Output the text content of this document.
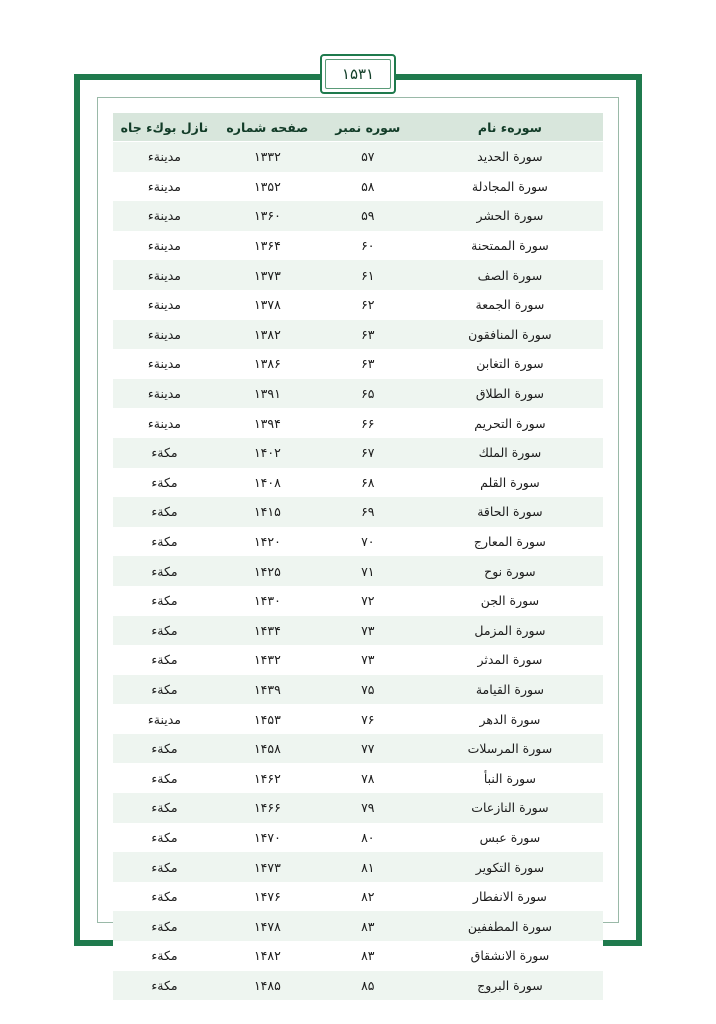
۱۵۳۱
سورهء نام	سوره نمبر	صفحه شماره	نازل بوكء جاه
سورة الحديد	۵۷	۱۳۳۲	مدينةء
سورة المجادلة	۵۸	۱۳۵۲	مدينةء
سورة الحشر	۵۹	۱۳۶۰	مدينةء
سورة الممتحنة	۶۰	۱۳۶۴	مدينةء
سورة الصف	۶۱	۱۳۷۳	مدينةء
سورة الجمعة	۶۲	۱۳۷۸	مدينةء
سورة المنافقون	۶۳	۱۳۸۲	مدينةء
سورة التغابن	۶۳	۱۳۸۶	مدينةء
سورة الطلاق	۶۵	۱۳۹۱	مدينةء
سورة التحريم	۶۶	۱۳۹۴	مدينةء
سورة الملك	۶۷	۱۴۰۲	مكةء
سورة القلم	۶۸	۱۴۰۸	مكةء
سورة الحاقة	۶۹	۱۴۱۵	مكةء
سورة المعارج	۷۰	۱۴۲۰	مكةء
سورة نوح	۷۱	۱۴۲۵	مكةء
سورة الجن	۷۲	۱۴۳۰	مكةء
سورة المزمل	۷۳	۱۴۳۴	مكةء
سورة المدثر	۷۳	۱۴۳۲	مكةء
سورة القيامة	۷۵	۱۴۳۹	مكةء
سورة الدهر	۷۶	۱۴۵۳	مدينةء
سورة المرسلات	۷۷	۱۴۵۸	مكةء
سورة النبأ	۷۸	۱۴۶۲	مكةء
سورة النازعات	۷۹	۱۴۶۶	مكةء
سورة عبس	۸۰	۱۴۷۰	مكةء
سورة التكوير	۸۱	۱۴۷۳	مكةء
سورة الانفطار	۸۲	۱۴۷۶	مكةء
سورة المطففين	۸۳	۱۴۷۸	مكةء
سورة الانشقاق	۸۳	۱۴۸۲	مكةء
سورة البروج	۸۵	۱۴۸۵	مكةء
